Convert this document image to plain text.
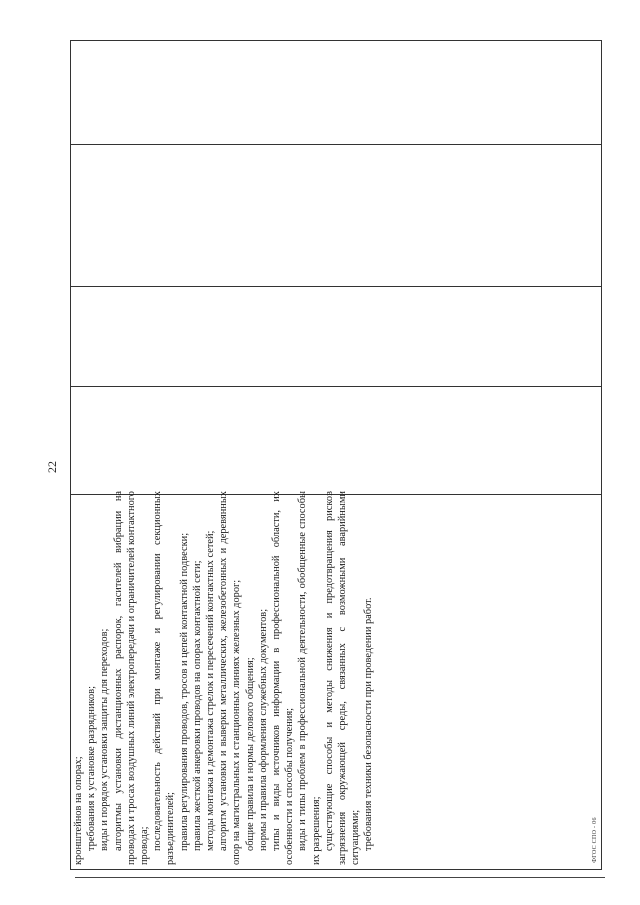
22

кронштейнов на опорах; требования к установке разрядников; виды и порядок установки защиты для переходов; алгоритмы установки дистанционных распорок, гасителей вибрации на проводах и тросах воздушных линий электропередачи и ограничителей контактного провода; последовательность действий при монтаже и регулировании секционных разъединителей; правила регулирования проводов, тросов и цепей контактной подвески; правила жесткой анкеровки проводов на опорах контактной сети; методы монтажа и демонтажа стрелок и пересечений контактных сетей; алгоритм установки и выверки металлических, железобетонных и деревянных опор на магистральных и станционных линиях железных дорог; общие правила и нормы делового общения; нормы и правила оформления служебных документов; типы и виды источников информации в профессиональной области, их особенности и способы получения; виды и типы проблем в профессиональной деятельности, обобщенные способы их разрешения; существующие способы и методы снижения и предотвращения рисков загрязнения окружающей среды, связанных с возможными аварийными ситуациями; требования техники безопасности при проведении работ.	ФГОС СПО - 06
